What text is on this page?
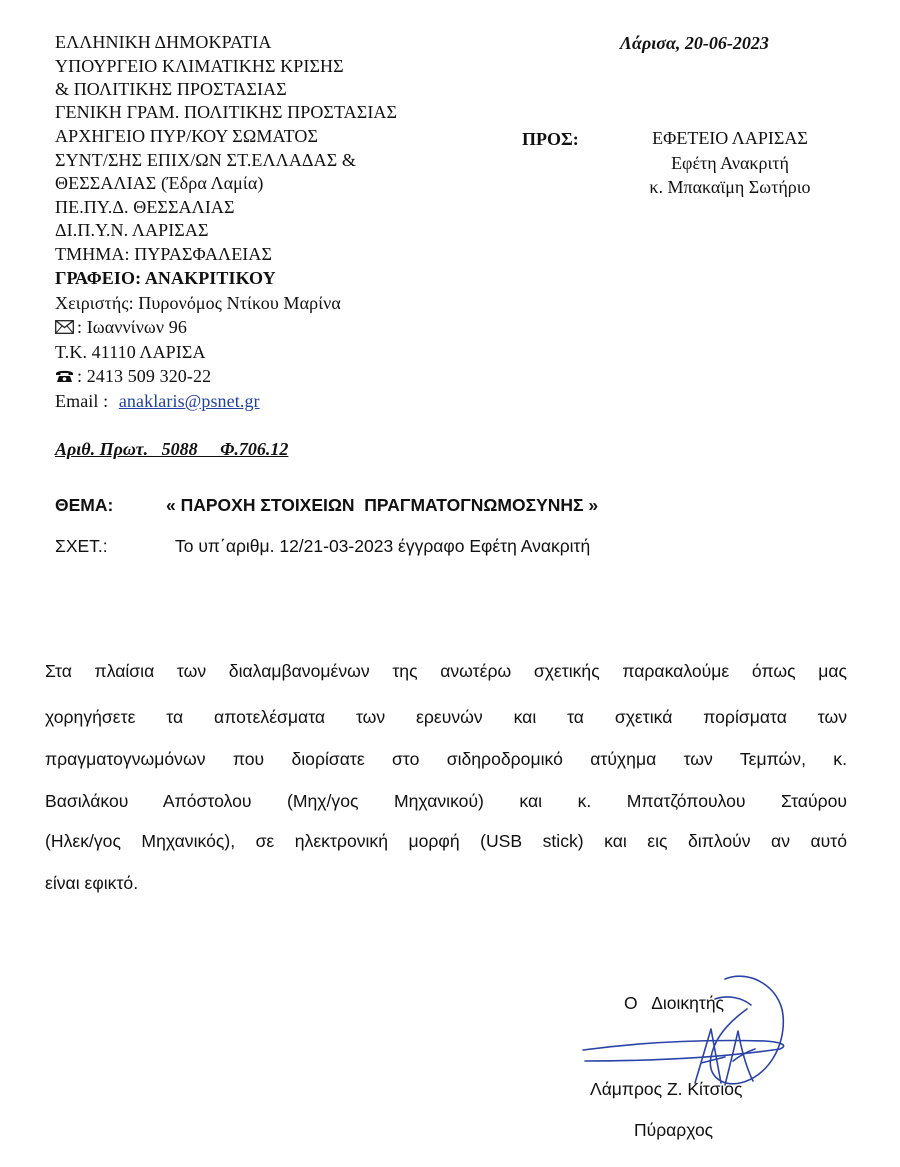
ΕΛΛΗΝΙΚΗ ΔΗΜΟΚΡΑΤΙΑ
ΥΠΟΥΡΓΕΙΟ ΚΛΙΜΑΤΙΚΗΣ ΚΡΙΣΗΣ
& ΠΟΛΙΤΙΚΗΣ ΠΡΟΣΤΑΣΙΑΣ
ΓΕΝΙΚΗ ΓΡΑΜ. ΠΟΛΙΤΙΚΗΣ ΠΡΟΣΤΑΣΙΑΣ
ΑΡΧΗΓΕΙΟ ΠΥΡ/ΚΟΥ ΣΩΜΑΤΟΣ
ΣΥΝΤ/ΣΗΣ ΕΠΙΧ/ΩΝ ΣΤ.ΕΛΛΑΔΑΣ &
ΘΕΣΣΑΛΙΑΣ (Έδρα Λαμία)
ΠΕ.ΠΥ.Δ. ΘΕΣΣΑΛΙΑΣ
ΔΙ.Π.Υ.Ν. ΛΑΡΙΣΑΣ
ΤΜΗΜΑ: ΠΥΡΑΣΦΑΛΕΙΑΣ
ΓΡΑΦΕΙΟ: ΑΝΑΚΡΙΤΙΚΟΥ
Χειριστής: Πυρονόμος Ντίκου Μαρίνα
: Ιωαννίνων 96
Τ.Κ. 41110 ΛΑΡΙΣΑ
: 2413 509 320-22
Email : anaklaris@psnet.gr
Λάρισα, 20-06-2023
ΠΡΟΣ:	ΕΦΕΤΕΙΟ ΛΑΡΙΣΑΣ
Εφέτη Ανακριτή
κ. Μπακαϊμη Σωτήριο
Αριθ. Πρωτ.   5088     Φ.706.12
ΘΕΜΑ:	« ΠΑΡΟΧΗ ΣΤΟΙΧΕΙΩΝ  ΠΡΑΓΜΑΤΟΓΝΩΜΟΣΥΝΗΣ »
ΣΧΕΤ.:	Το υπ΄αριθμ. 12/21-03-2023 έγγραφο Εφέτη Ανακριτή
Στα πλαίσια των διαλαμβανομένων της ανωτέρω σχετικής παρακαλούμε όπως μας
χορηγήσετε τα αποτελέσματα των ερευνών και τα σχετικά πορίσματα των
πραγματογνωμόνων που διορίσατε στο σιδηροδρομικό ατύχημα των Τεμπών, κ.
Βασιλάκου Απόστολου (Μηχ/γος Μηχανικού) και κ. Μπατζόπουλου Σταύρου
(Ηλεκ/γος Μηχανικός), σε ηλεκτρονική μορφή (USB stick) και εις διπλούν αν αυτό
είναι εφικτό.
Ο   Διοικητής
Λάμπρος Ζ. Κίτσιος
Πύραρχος
